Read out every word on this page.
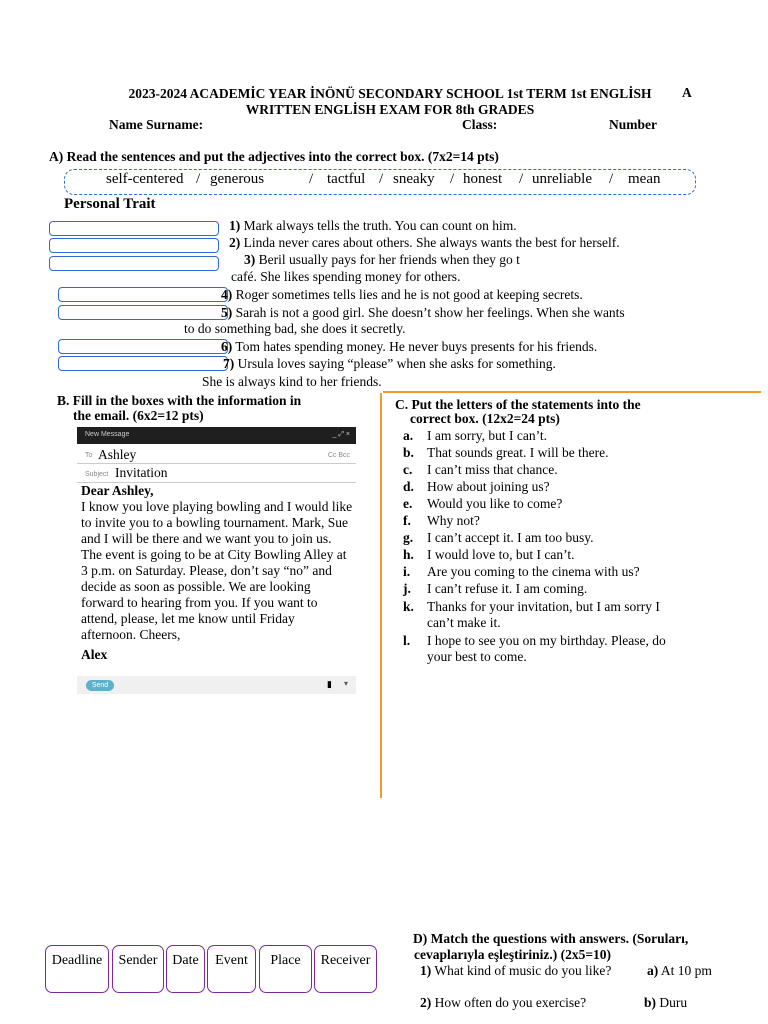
2023-2024 ACADEMİC YEAR İNÖNÜ SECONDARY SCHOOL 1st TERM 1st ENGLİSH	A
WRITTEN ENGLİSH EXAM FOR 8th GRADES
Name Surname:	Class:	Number
A) Read the sentences and put the adjectives into the correct box. (7x2=14 pts)
self-centered / generous	/ tactful / sneaky / honest / unreliable / mean
Personal Trait
1) Mark always tells the truth. You can count on him.
2) Linda never cares about others. She always wants the best for herself.
3) Beril usually pays for her friends when they go t
café. She likes spending money for others.
4) Roger sometimes tells lies and he is not good at keeping secrets.
5) Sarah is not a good girl. She doesn’t show her feelings. When she wants
to do something bad, she does it secretly.
6) Tom hates spending money. He never buys presents for his friends.
7) Ursula loves saying “please” when she asks for something.
She is always kind to her friends.
B. Fill in the boxes with the information in
the email. (6x2=12 pts)
New Message	_ ⤢ ×
To Ashley	Cc Bcc
Subject Invitation
Dear Ashley,
I know you love playing bowling and I would like to invite you to a bowling tournament. Mark, Sue and I will be there and we want you to join us. The event is going to be at City Bowling Alley at 3 p.m. on Saturday. Please, don’t say “no” and decide as soon as possible. We are looking forward to hearing from you. If you want to attend, please, let me know until Friday afternoon. Cheers,
Alex
Send	▮ ▾
Deadline	Sender	Date	Event	Place	Receiver
C. Put the letters of the statements into the
correct box. (12x2=24 pts)
a. I am sorry, but I can’t.
b. That sounds great. I will be there.
c. I can’t miss that chance.
d. How about joining us?
e. Would you like to come?
f. Why not?
g. I can’t accept it. I am too busy.
h. I would love to, but I can’t.
i. Are you coming to the cinema with us?
j. I can’t refuse it. I am coming.
k. Thanks for your invitation, but I am sorry I
can’t make it.
l. I hope to see you on my birthday. Please, do
your best to come.
D) Match the questions with answers. (Soruları,
cevaplarıyla eşleştiriniz.) (2x5=10)
1) What kind of music do you like?	a) At 10 pm
2) How often do you exercise?	b) Duru
